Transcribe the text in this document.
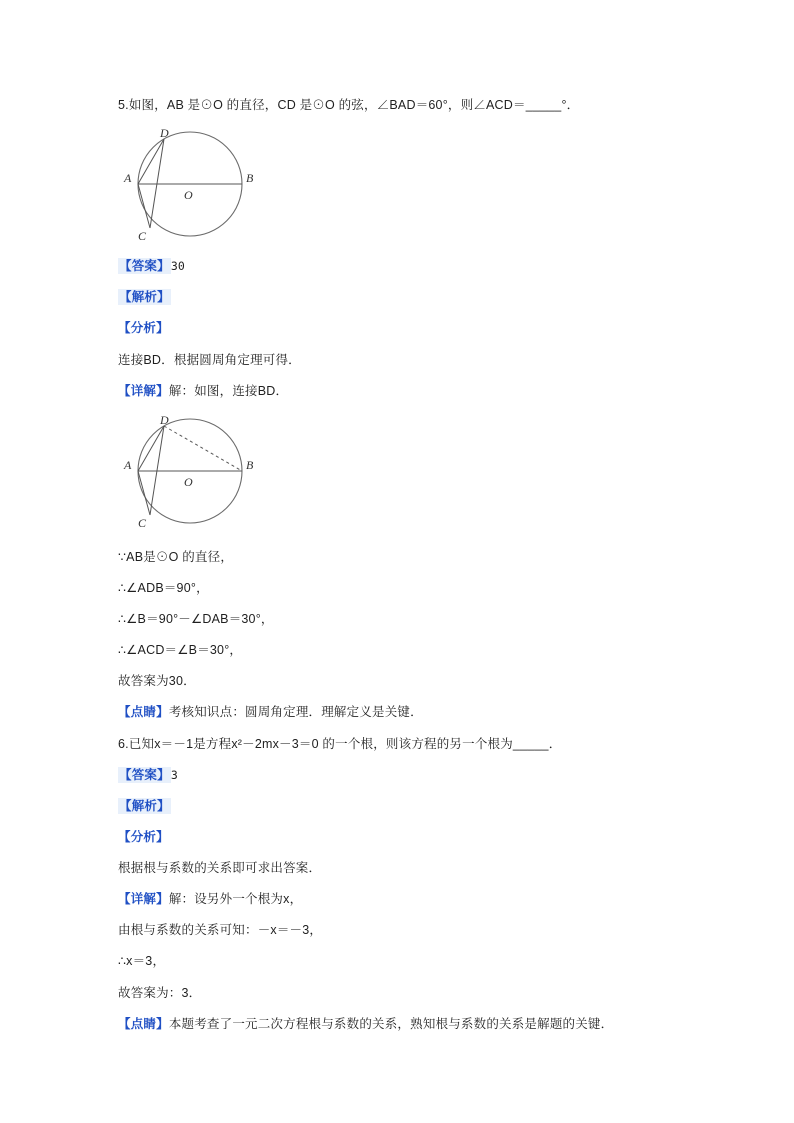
5.如图，AB 是⊙O 的直径，CD 是⊙O 的弦，∠BAD＝60°，则∠ACD＝_____°．

D
A	B
C
O

【答案】30

【解析】

【分析】

连接BD．根据圆周角定理可得．

【详解】解：如图，连接BD．

D
A	B
C
O

∵AB是⊙O 的直径，

∴∠ADB＝90°，

∴∠B＝90°－∠DAB＝30°，

∴∠ACD＝∠B＝30°，

故答案为30．

【点睛】考核知识点：圆周角定理．理解定义是关键．

6.已知x＝－1是方程x²－2mx－3＝0 的一个根，则该方程的另一个根为_____．

【答案】3

【解析】

【分析】

根据根与系数的关系即可求出答案．

【详解】解：设另外一个根为x，

由根与系数的关系可知：－x＝－3，

∴x＝3，

故答案为：3．

【点睛】本题考查了一元二次方程根与系数的关系，熟知根与系数的关系是解题的关键．
